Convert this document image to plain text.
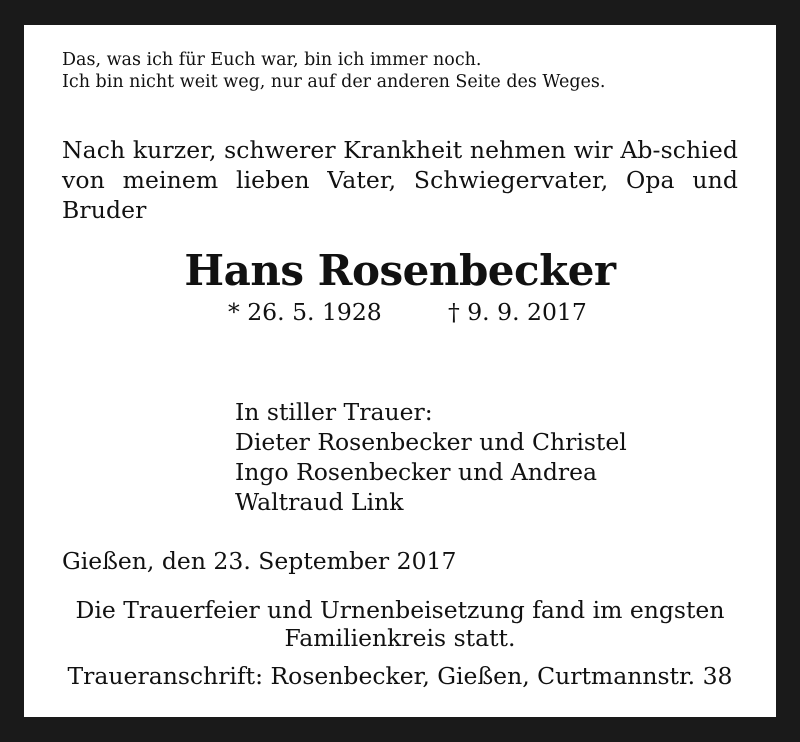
Das, was ich für Euch war, bin ich immer noch.
Ich bin nicht weit weg, nur auf der anderen Seite des Weges.
Nach kurzer, schwerer Krankheit nehmen wir Ab-schied von meinem lieben Vater, Schwiegervater, Opa und Bruder
Hans Rosenbecker
* 26. 5. 1928	† 9. 9. 2017
In stiller Trauer:
Dieter Rosenbecker und Christel
Ingo Rosenbecker und Andrea
Waltraud Link
Gießen, den 23. September 2017
Die Trauerfeier und Urnenbeisetzung fand im engsten
Familienkreis statt.
Traueranschrift: Rosenbecker, Gießen, Curtmannstr. 38
